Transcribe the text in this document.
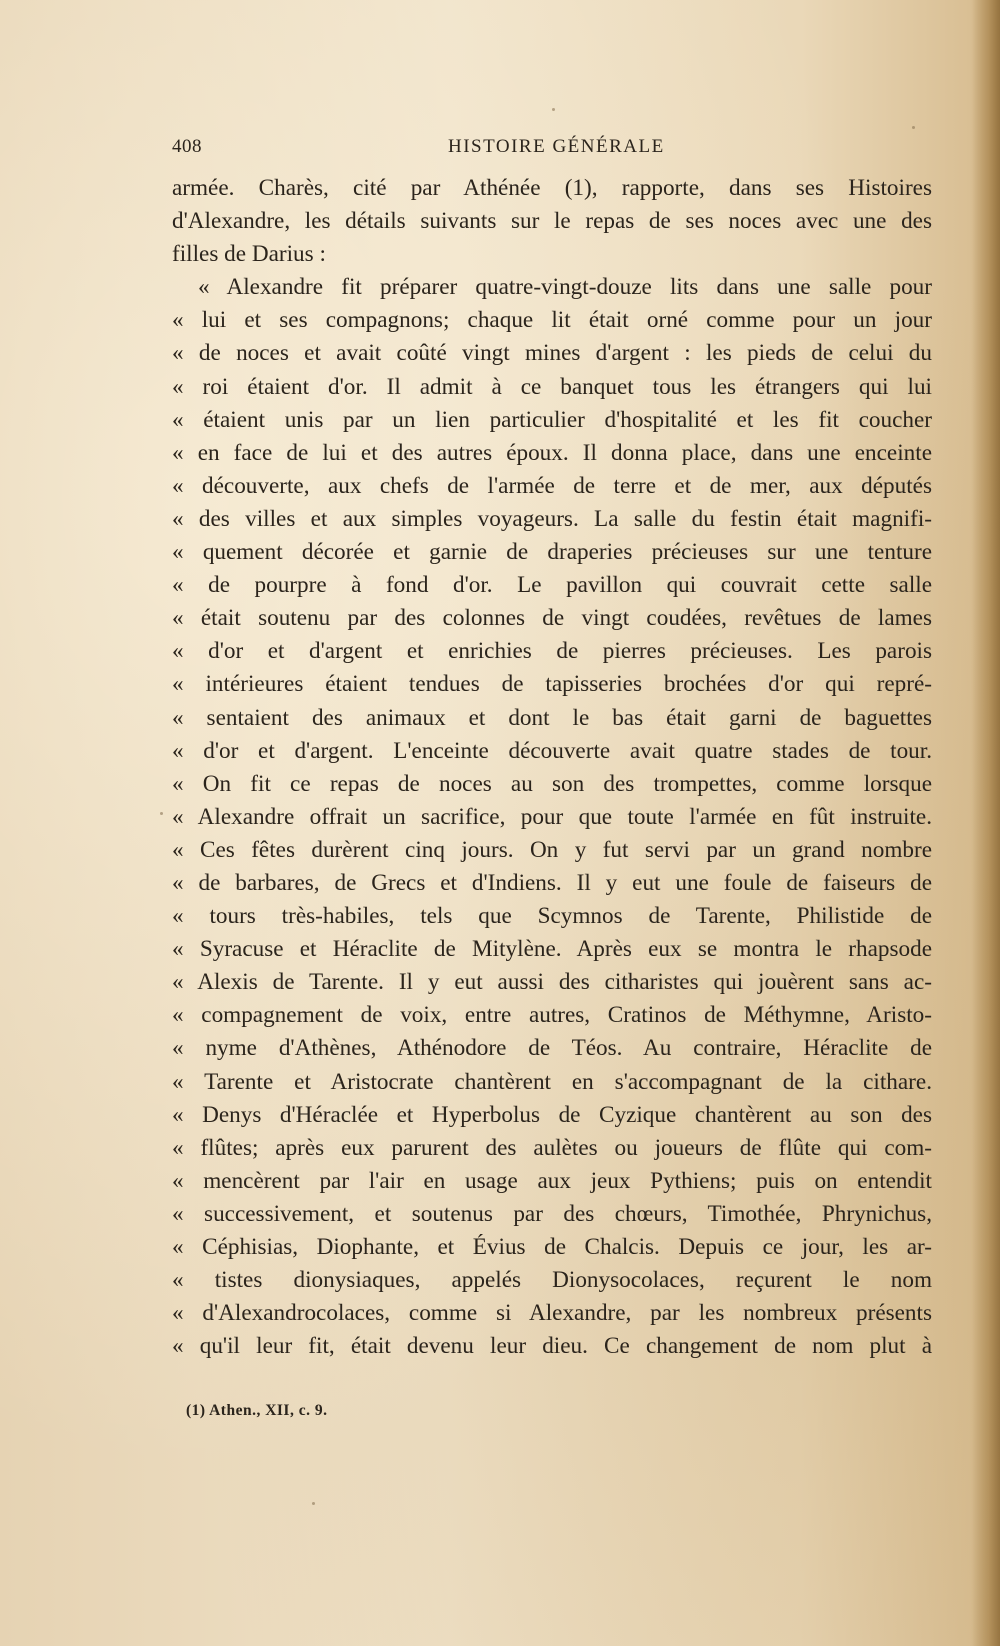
408	HISTOIRE GÉNÉRALE
armée. Charès, cité par Athénée (1), rapporte, dans ses Histoires
d'Alexandre, les détails suivants sur le repas de ses noces avec une des
filles de Darius :
« Alexandre fit préparer quatre-vingt-douze lits dans une salle pour
« lui et ses compagnons; chaque lit était orné comme pour un jour
« de noces et avait coûté vingt mines d'argent : les pieds de celui du
« roi étaient d'or. Il admit à ce banquet tous les étrangers qui lui
« étaient unis par un lien particulier d'hospitalité et les fit coucher
« en face de lui et des autres époux. Il donna place, dans une enceinte
« découverte, aux chefs de l'armée de terre et de mer, aux députés
« des villes et aux simples voyageurs. La salle du festin était magnifi-
« quement décorée et garnie de draperies précieuses sur une tenture
« de pourpre à fond d'or. Le pavillon qui couvrait cette salle
« était soutenu par des colonnes de vingt coudées, revêtues de lames
« d'or et d'argent et enrichies de pierres précieuses. Les parois
« intérieures étaient tendues de tapisseries brochées d'or qui repré-
« sentaient des animaux et dont le bas était garni de baguettes
« d'or et d'argent. L'enceinte découverte avait quatre stades de tour.
« On fit ce repas de noces au son des trompettes, comme lorsque
« Alexandre offrait un sacrifice, pour que toute l'armée en fût instruite.
« Ces fêtes durèrent cinq jours. On y fut servi par un grand nombre
« de barbares, de Grecs et d'Indiens. Il y eut une foule de faiseurs de
« tours très-habiles, tels que Scymnos de Tarente, Philistide de
« Syracuse et Héraclite de Mitylène. Après eux se montra le rhapsode
« Alexis de Tarente. Il y eut aussi des citharistes qui jouèrent sans ac-
« compagnement de voix, entre autres, Cratinos de Méthymne, Aristo-
« nyme d'Athènes, Athénodore de Téos. Au contraire, Héraclite de
« Tarente et Aristocrate chantèrent en s'accompagnant de la cithare.
« Denys d'Héraclée et Hyperbolus de Cyzique chantèrent au son des
« flûtes; après eux parurent des aulètes ou joueurs de flûte qui com-
« mencèrent par l'air en usage aux jeux Pythiens; puis on entendit
« successivement, et soutenus par des chœurs, Timothée, Phrynichus,
« Céphisias, Diophante, et Évius de Chalcis. Depuis ce jour, les ar-
« tistes dionysiaques, appelés Dionysocolaces, reçurent le nom
« d'Alexandrocolaces, comme si Alexandre, par les nombreux présents
« qu'il leur fit, était devenu leur dieu. Ce changement de nom plut à
(1) Athen., XII, c. 9.
